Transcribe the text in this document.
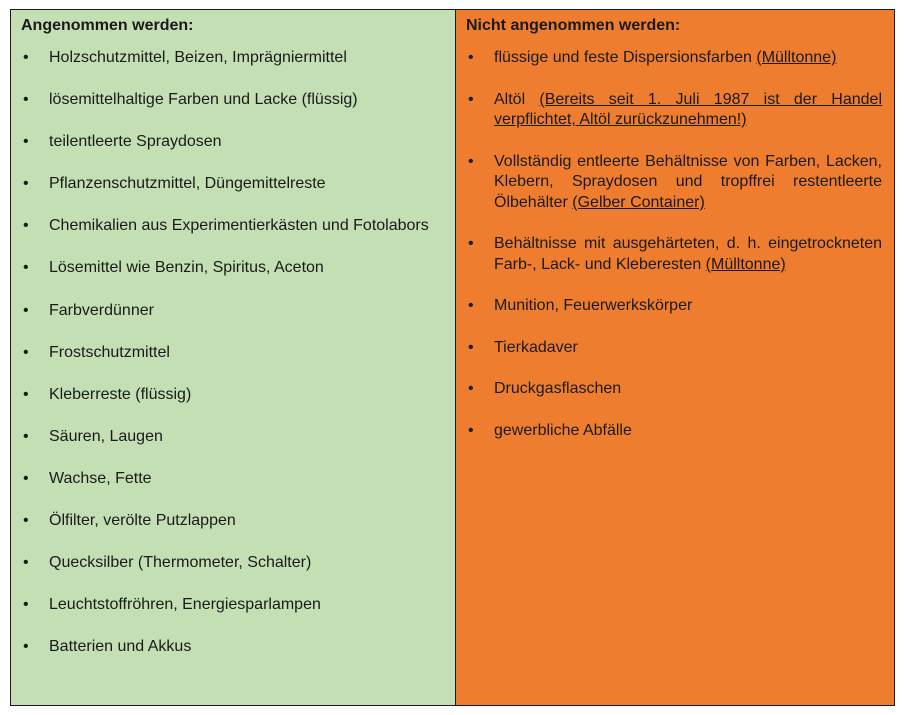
Angenommen werden:
• Holzschutzmittel, Beizen, Imprägniermittel
• lösemittelhaltige Farben und Lacke (flüssig)
• teilentleerte Spraydosen
• Pflanzenschutzmittel, Düngemittelreste
• Chemikalien aus Experimentierkästen und Fotolabors
• Lösemittel wie Benzin, Spiritus, Aceton
• Farbverdünner
• Frostschutzmittel
• Kleberreste (flüssig)
• Säuren, Laugen
• Wachse, Fette
• Ölfilter, verölte Putzlappen
• Quecksilber (Thermometer, Schalter)
• Leuchtstoffröhren, Energiesparlampen
• Batterien und Akkus
Nicht angenommen werden:
• flüssige und feste Dispersionsfarben (Mülltonne)
• Altöl (Bereits seit 1. Juli 1987 ist der Handel verpflichtet, Altöl zurückzunehmen!)
• Vollständig entleerte Behältnisse von Farben, Lacken, Klebern, Spraydosen und tropffrei restentleerte Ölbehälter (Gelber Container)
• Behältnisse mit ausgehärteten, d. h. eingetrockneten Farb-, Lack- und Kleberesten (Mülltonne)
• Munition, Feuerwerkskörper
• Tierkadaver
• Druckgasflaschen
• gewerbliche Abfälle
